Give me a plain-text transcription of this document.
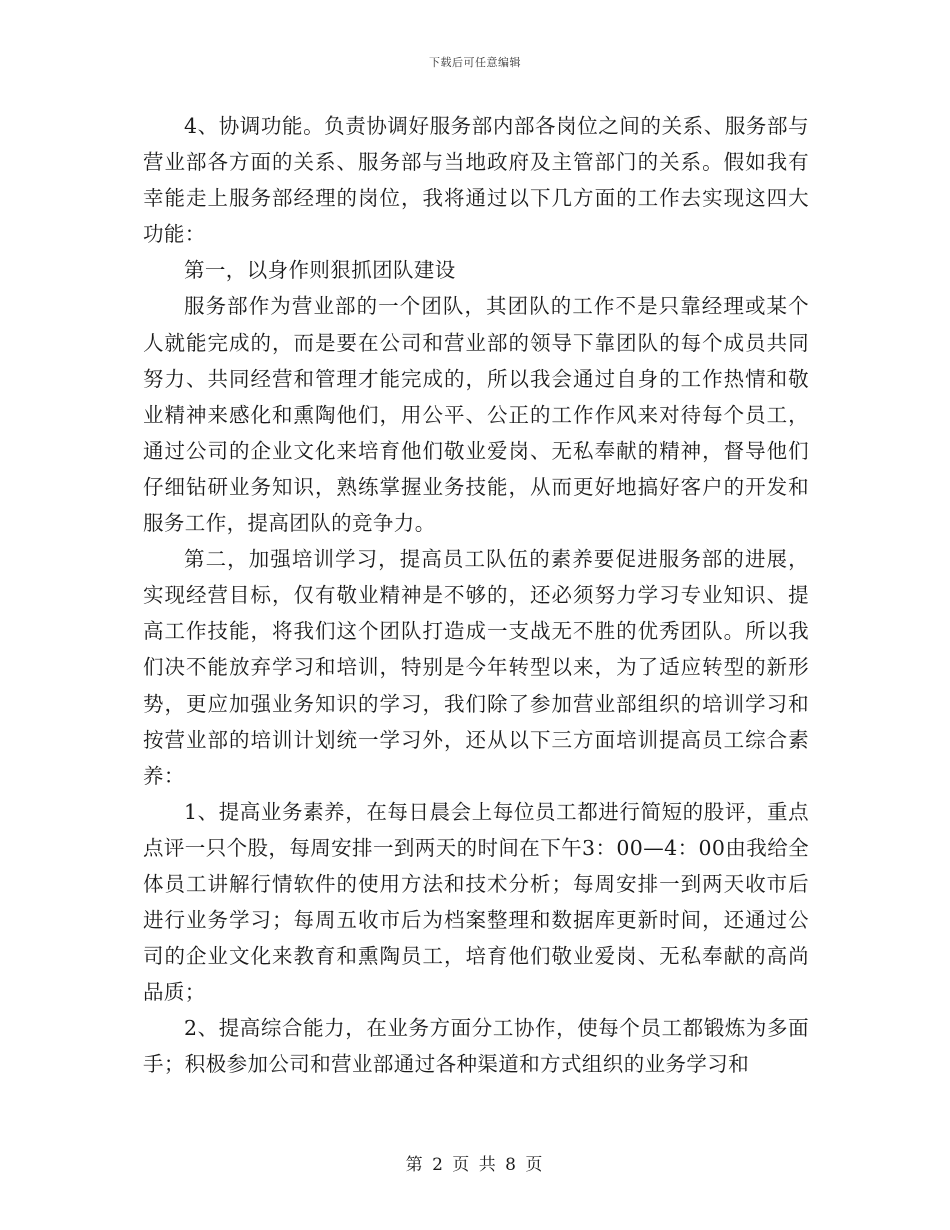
下载后可任意编辑

4、协调功能。负责协调好服务部内部各岗位之间的关系、服务部与营业部各方面的关系、服务部与当地政府及主管部门的关系。假如我有幸能走上服务部经理的岗位，我将通过以下几方面的工作去实现这四大功能：

第一，以身作则狠抓团队建设

服务部作为营业部的一个团队，其团队的工作不是只靠经理或某个人就能完成的，而是要在公司和营业部的领导下靠团队的每个成员共同努力、共同经营和管理才能完成的，所以我会通过自身的工作热情和敬业精神来感化和熏陶他们，用公平、公正的工作作风来对待每个员工，通过公司的企业文化来培育他们敬业爱岗、无私奉献的精神，督导他们仔细钻研业务知识，熟练掌握业务技能，从而更好地搞好客户的开发和服务工作，提高团队的竞争力。

第二，加强培训学习，提高员工队伍的素养要促进服务部的进展，实现经营目标，仅有敬业精神是不够的，还必须努力学习专业知识、提高工作技能，将我们这个团队打造成一支战无不胜的优秀团队。所以我们决不能放弃学习和培训，特别是今年转型以来，为了适应转型的新形势，更应加强业务知识的学习，我们除了参加营业部组织的培训学习和按营业部的培训计划统一学习外，还从以下三方面培训提高员工综合素养：

1、提高业务素养，在每日晨会上每位员工都进行简短的股评，重点点评一只个股，每周安排一到两天的时间在下午3：00—4：00由我给全体员工讲解行情软件的使用方法和技术分析；每周安排一到两天收市后进行业务学习；每周五收市后为档案整理和数据库更新时间，还通过公司的企业文化来教育和熏陶员工，培育他们敬业爱岗、无私奉献的高尚品质；

2、提高综合能力，在业务方面分工协作，使每个员工都锻炼为多面手；积极参加公司和营业部通过各种渠道和方式组织的业务学习和

第 2 页 共 8 页
